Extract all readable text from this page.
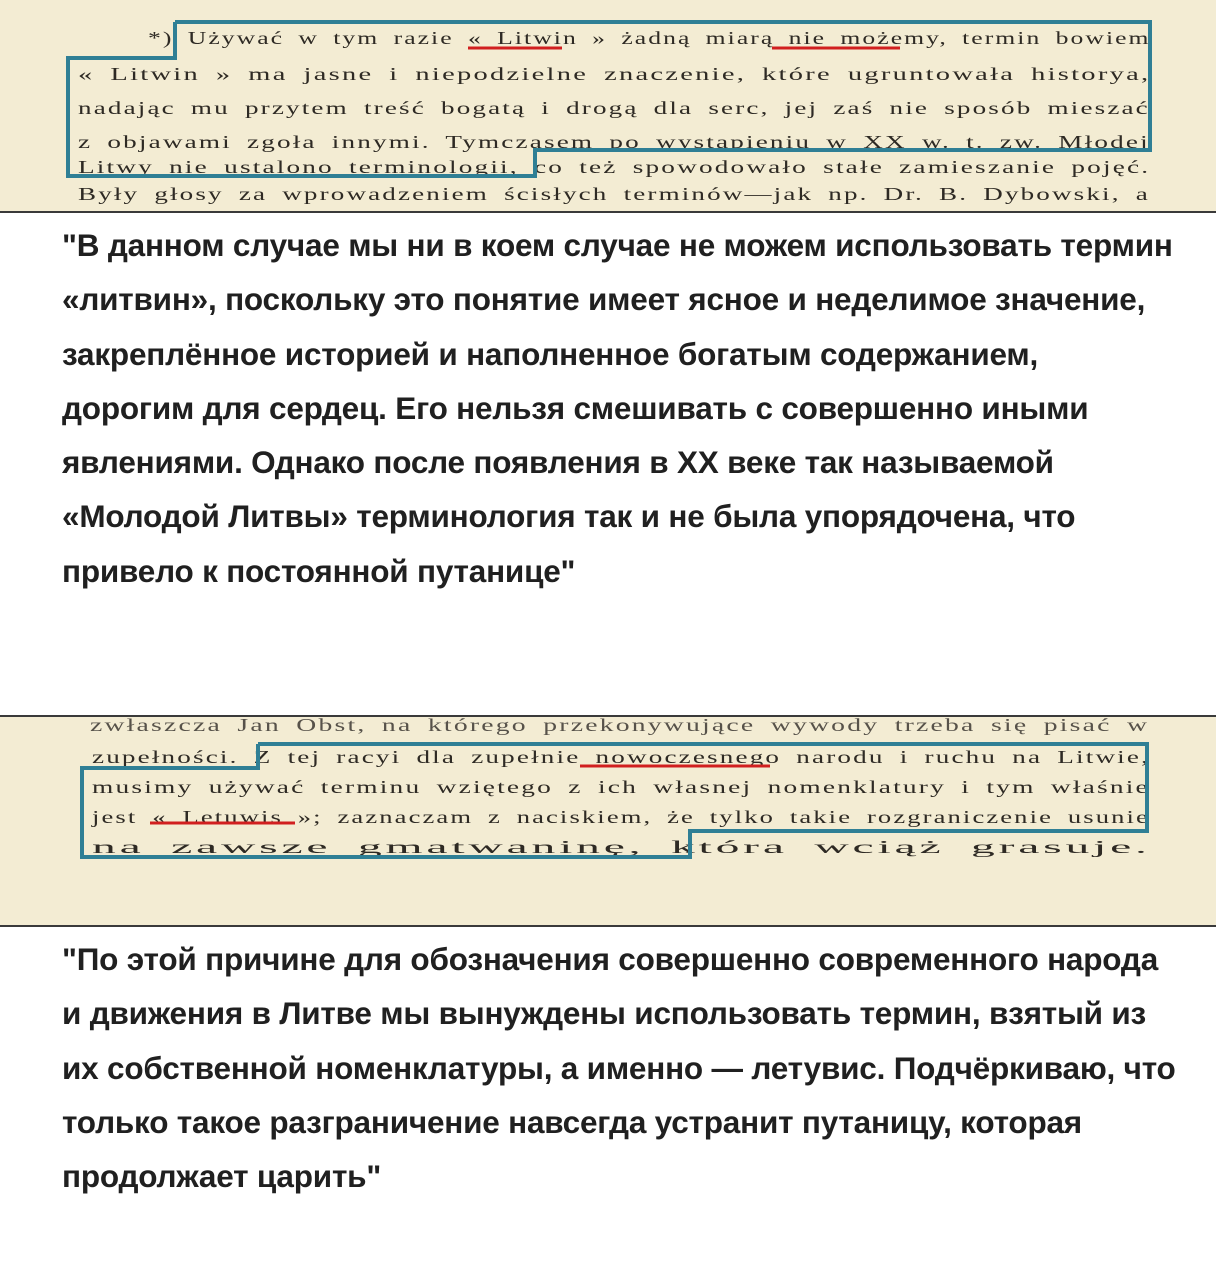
*) Używać w tym razie « Litwin » żadną miarą nie możemy, termin bowiem
« Litwin » ma jasne i niepodzielne znaczenie, które ugruntowała historya,
nadając mu przytem treść bogatą i drogą dla serc, jej zaś nie sposób mieszać
z objawami zgoła innymi. Tymczasem po wystąpieniu w XX w. t. zw. Młodej
Litwy nie ustalono terminologii, co też spowodowało stałe zamieszanie pojęć.
Były głosy za wprowadzeniem ścisłych terminów—jak np. Dr. B. Dybowski, a
"В данном случае мы ни в коем случае не можем использовать термин «литвин», поскольку это понятие имеет ясное и неделимое значение, закреплённое историей и наполненное богатым содержанием, дорогим для сердец. Его нельзя смешивать с совершенно иными явлениями. Однако после появления в XX веке так называемой «Молодой Литвы» терминология так и не была упорядочена, что привело к постоянной путанице"
zwłaszcza Jan Obst, na którego przekonywujące wywody trzeba się pisać w
zupełności. Z tej racyi dla zupełnie nowoczesnego narodu i ruchu na Litwie,
musimy używać terminu wziętego z ich własnej nomenklatury i tym właśnie
jest « Letuwis »; zaznaczam z naciskiem, że tylko takie rozgraniczenie usunie
na zawsze gmatwaninę, która wciąż grasuje.
"По этой причине для обозначения совершенно современного народа и движения в Литве мы вынуждены использовать термин, взятый из их собственной номенклатуры, а именно — летувис. Подчёркиваю, что только такое разграничение навсегда устранит путаницу, которая продолжает царить"
